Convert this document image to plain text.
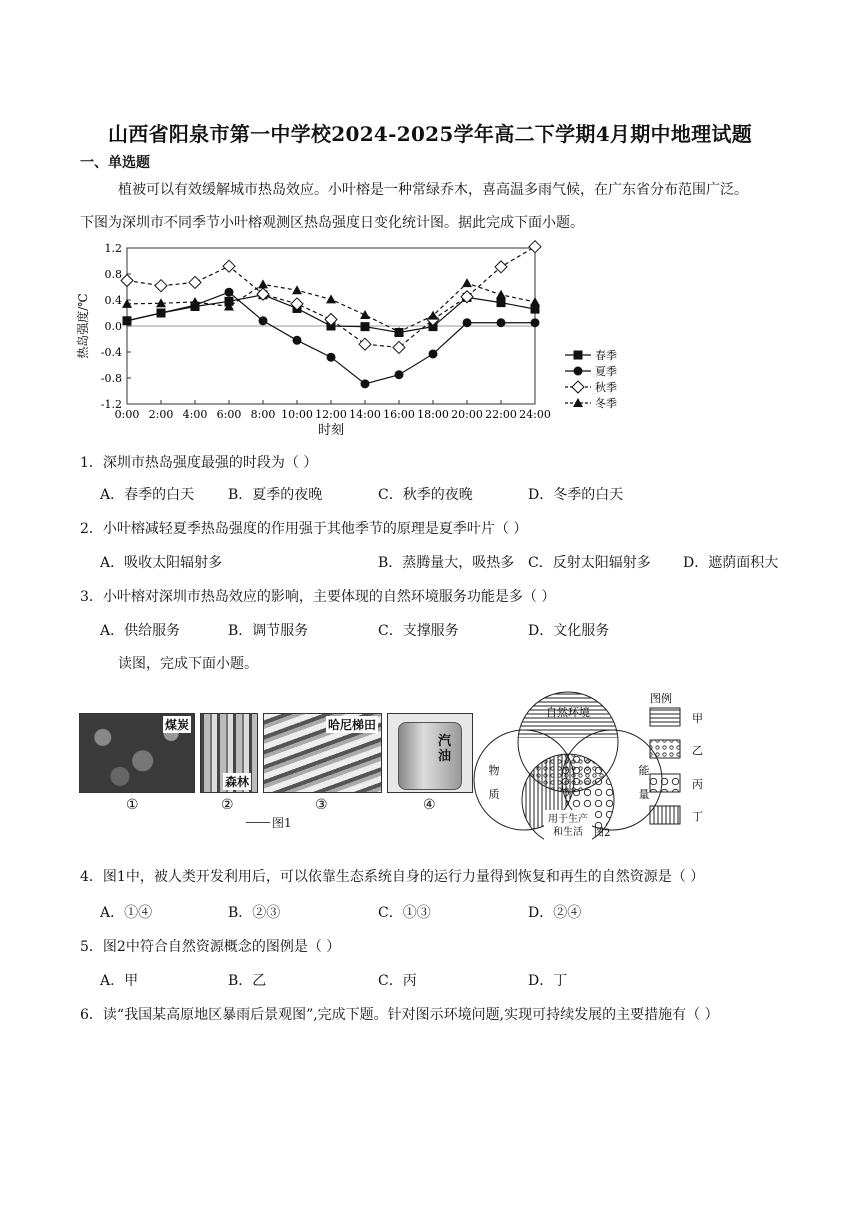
山西省阳泉市第一中学校2024-2025学年高二下学期4月期中地理试题
一、单选题
植被可以有效缓解城市热岛效应。小叶榕是一种常绿乔木，喜高温多雨气候，在广东省分布范围广泛。
下图为深圳市不同季节小叶榕观测区热岛强度日变化统计图。据此完成下面小题。
1.2
0.8
0.4
0.0
-0.4
-0.8
-1.2
0:00 2:00 4:00 6:00 8:00 10:00 12:00 14:00 16:00 18:00 20:00 22:00 24:00
时刻
热岛强度/℃	春季
夏季
秋季
冬季
1．深圳市热岛强度最强的时段为（ ）
A．春季的白天 B．夏季的夜晚	C．秋季的夜晚	D．冬季的白天
2．小叶榕减轻夏季热岛强度的作用强于其他季节的原理是夏季叶片（ ）
A．吸收太阳辐射多	B．蒸腾量大，吸热多 C．反射太阳辐射多 D．遮荫面积大
3．小叶榕对深圳市热岛效应的影响，主要体现的自然环境服务功能是多（ ）
A．供给服务	B．调节服务	C．支撑服务	D．文化服务
读图，完成下面小题。
煤炭
森林
哈尼梯田
汽油
①	②	③	④
图1
自然环境
物
质
能
量
用于生产
和生活 图2
图例
甲
乙
丙
丁
4．图1中，被人类开发利用后，可以依靠生态系统自身的运行力量得到恢复和再生的自然资源是（ ）
A．①④	B．②③	C．①③	D．②④
5．图2中符合自然资源概念的图例是（ ）
A．甲	B．乙	C．丙	D．丁
6．读“我国某高原地区暴雨后景观图”,完成下题。针对图示环境问题,实现可持续发展的主要措施有（ ）
